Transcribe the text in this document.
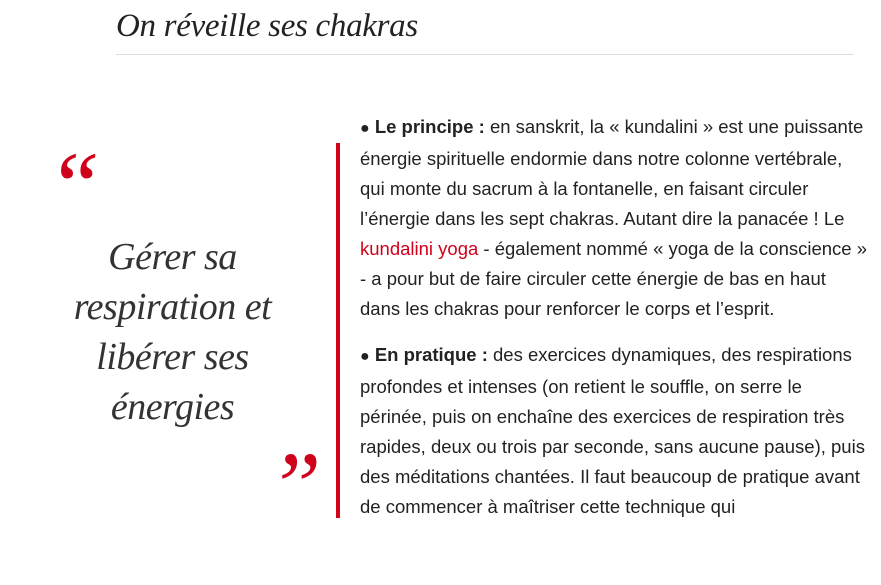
On réveille ses chakras
“

Gérer sa respiration et libérer ses énergies

”

● Le principe : en sanskrit, la « kundalini » est une puissante énergie spirituelle endormie dans notre colonne vertébrale, qui monte du sacrum à la fontanelle, en faisant circuler l’énergie dans les sept chakras. Autant dire la panacée ! Le kundalini yoga - également nommé « yoga de la conscience » - a pour but de faire circuler cette énergie de bas en haut dans les chakras pour renforcer le corps et l’esprit.

● En pratique : des exercices dynamiques, des respirations profondes et intenses (on retient le souffle, on serre le périnée, puis on enchaîne des exercices de respiration très rapides, deux ou trois par seconde, sans aucune pause), puis des méditations chantées. Il faut beaucoup de pratique avant de commencer à maîtriser cette technique qui
